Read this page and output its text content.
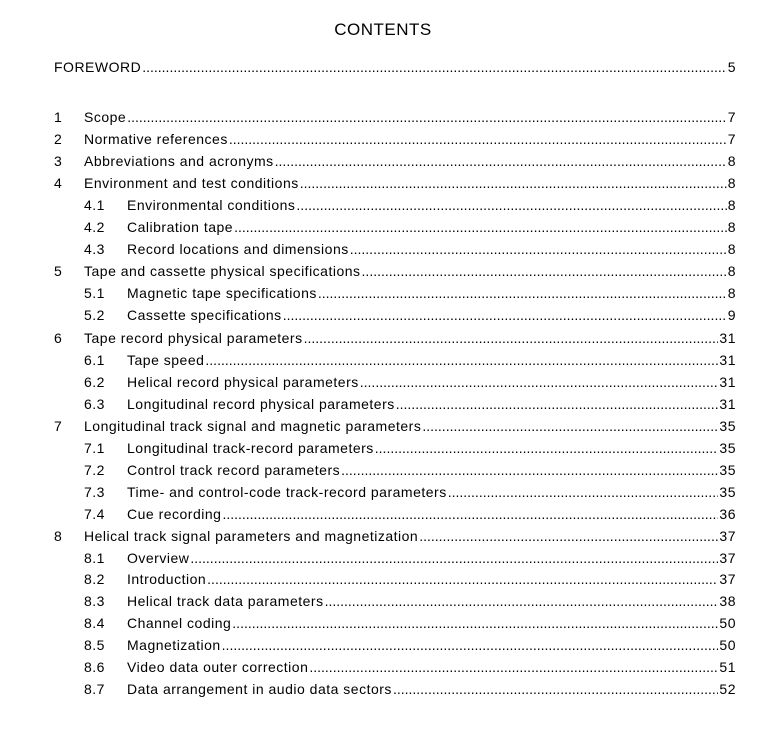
CONTENTS
FOREWORD .....	5
1	Scope .....	7
2	Normative references .....	7
3	Abbreviations and acronyms .....	8
4	Environment and test conditions .....	8
4.1	Environmental conditions .....	8
4.2	Calibration tape .....	8
4.3	Record locations and dimensions .....	8
5	Tape and cassette physical specifications .....	8
5.1	Magnetic tape specifications .....	8
5.2	Cassette specifications .....	9
6	Tape record physical parameters .....	31
6.1	Tape speed .....	31
6.2	Helical record physical parameters .....	31
6.3	Longitudinal record physical parameters .....	31
7	Longitudinal track signal and magnetic parameters .....	35
7.1	Longitudinal track-record parameters .....	35
7.2	Control track record parameters .....	35
7.3	Time- and control-code track-record parameters .....	35
7.4	Cue recording .....	36
8	Helical track signal parameters and magnetization .....	37
8.1	Overview .....	37
8.2	Introduction .....	37
8.3	Helical track data parameters .....	38
8.4	Channel coding .....	50
8.5	Magnetization .....	50
8.6	Video data outer correction .....	51
8.7	Data arrangement in audio data sectors .....	52
